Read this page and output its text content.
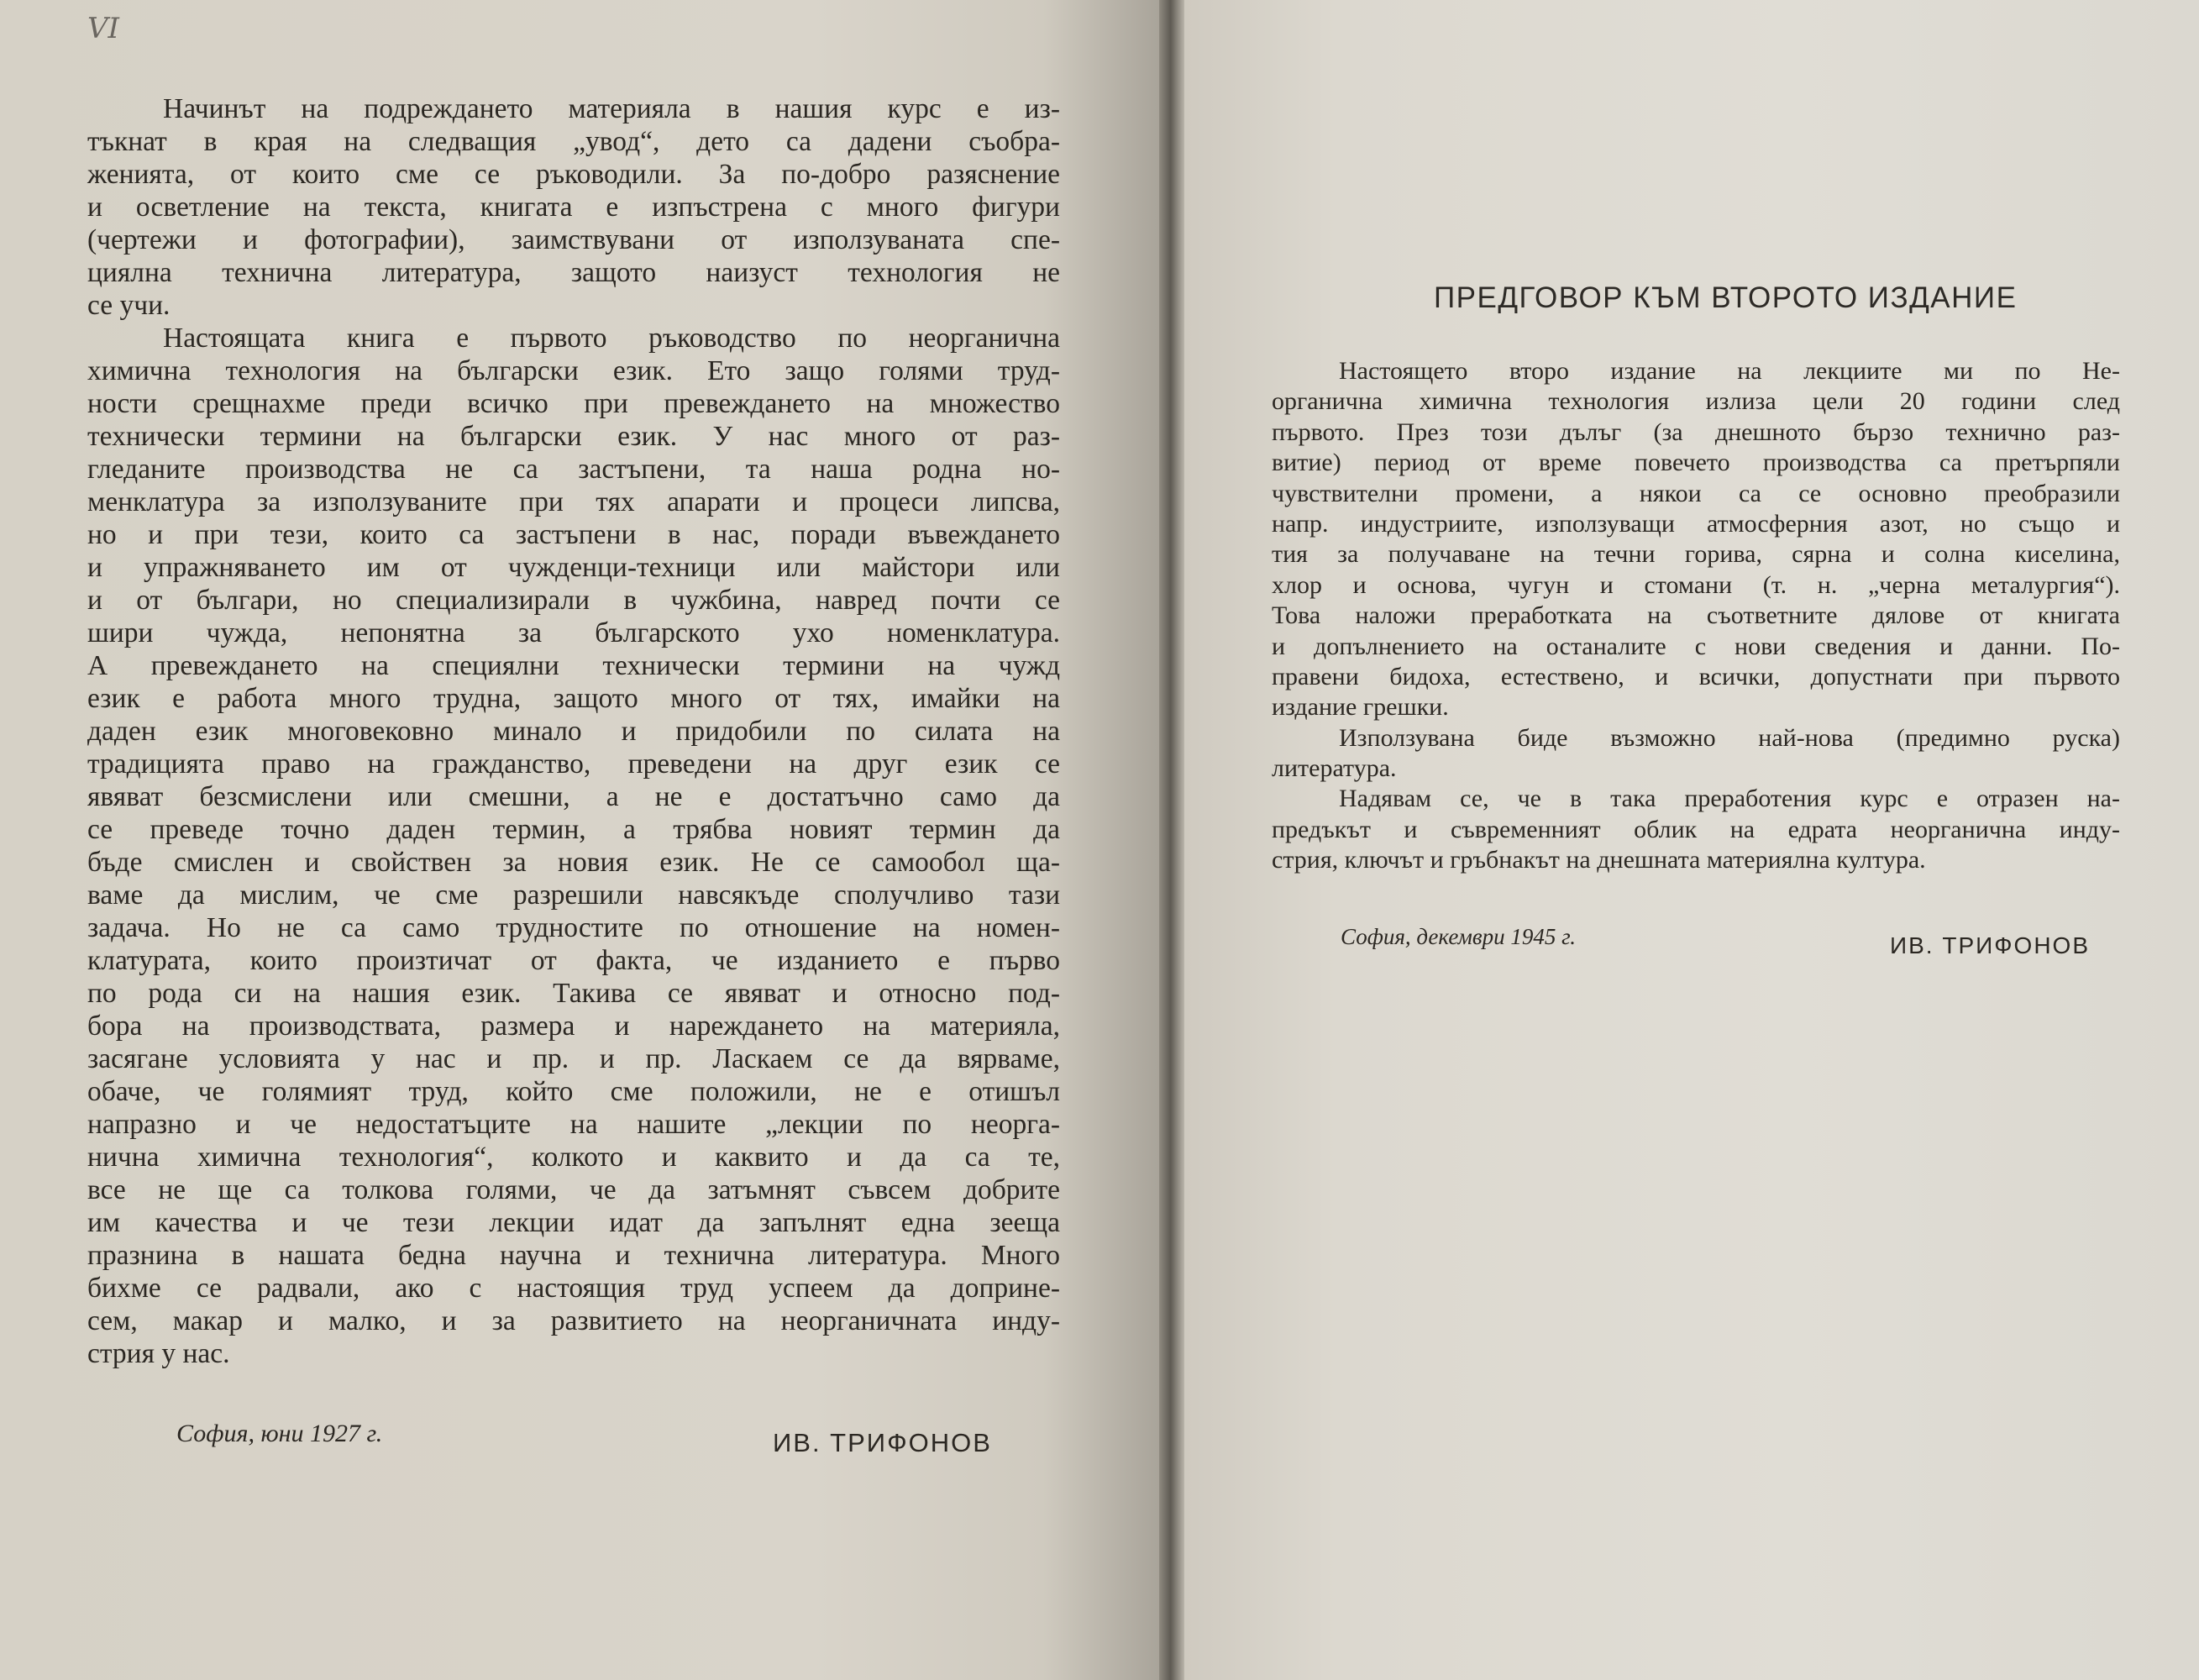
VI
Начинът на подреждането материяла в нашия курс е из-
тъкнат в края на следващия „увод“, дето са дадени съобра-
женията, от които сме се ръководили. За по-добро разяснение
и осветление на текста, книгата е изпъстрена с много фигури
(чертежи и фотографии), заимствувани от използуваната спе-
циялна технична литература, защото наизуст технология не
се учи.
Настоящата книга е първото ръководство по неорганична
химична технология на български език. Ето защо голями труд-
ности срещнахме преди всичко при превеждането на множество
технически термини на български език. У нас много от раз-
гледаните производства не са застъпени, та наша родна но-
менклатура за използуваните при тях апарати и процеси липсва,
но и при тези, които са застъпени в нас, поради въвеждането
и упражняването им от чужденци-техници или майстори или
и от българи, но специализирали в чужбина, навред почти се
шири чужда, непонятна за българското ухо номенклатура.
А превеждането на специялни технически термини на чужд
език е работа много трудна, защото много от тях, имайки на
даден език многовековно минало и придобили по силата на
традицията право на гражданство, преведени на друг език се
явяват безсмислени или смешни, а не е достатъчно само да
се преведе точно даден термин, а трябва новият термин да
бъде смислен и свойствен за новия език. Не се самообол ща-
ваме да мислим, че сме разрешили навсякъде сполучливо тази
задача. Но не са само трудностите по отношение на номен-
клатурата, които произтичат от факта, че изданието е първо
по рода си на нашия език. Такива се явяват и относно под-
бора на производствата, размера и нареждането на материяла,
засягане условията у нас и пр. и пр. Ласкаем се да вярваме,
обаче, че голямият труд, който сме положили, не е отишъл
напразно и че недостатъците на нашите „лекции по неорга-
нична химична технология“, колкото и каквито и да са те,
все не ще са толкова голями, че да затъмнят съвсем добрите
им качества и че тези лекции идат да запълнят една зееща
празнина в нашата бедна научна и технична литература. Много
бихме се радвали, ако с настоящия труд успеем да доприне-
сем, макар и малко, и за развитието на неорганичната инду-
стрия у нас.
София, юни 1927 г.	ИВ. ТРИФОНОВ
ПРЕДГОВОР КЪМ ВТОРОТО ИЗДАНИЕ
Настоящето второ издание на лекциите ми по Не-
органична химична технология излиза цели 20 години след
първото. През този дълъг (за днешното бързо технично раз-
витие) период от време повечето производства са претърпяли
чувствителни промени, а някои са се основно преобразили
напр. индустриите, използуващи атмосферния азот, но също и
тия за получаване на течни горива, сярна и солна киселина,
хлор и основа, чугун и стомани (т. н. „черна металургия“).
Това наложи преработката на съответните дялове от книгата
и допълнението на останалите с нови сведения и данни. По-
правени бидоха, естествено, и всички, допустнати при първото
издание грешки.
Използувана биде възможно най-нова (предимно руска)
литература.
Надявам се, че в така преработения курс е отразен на-
предъкът и съвременният облик на едрата неорганична инду-
стрия, ключът и гръбнакът на днешната материялна култура.
София, декември 1945 г.	ИВ. ТРИФОНОВ
